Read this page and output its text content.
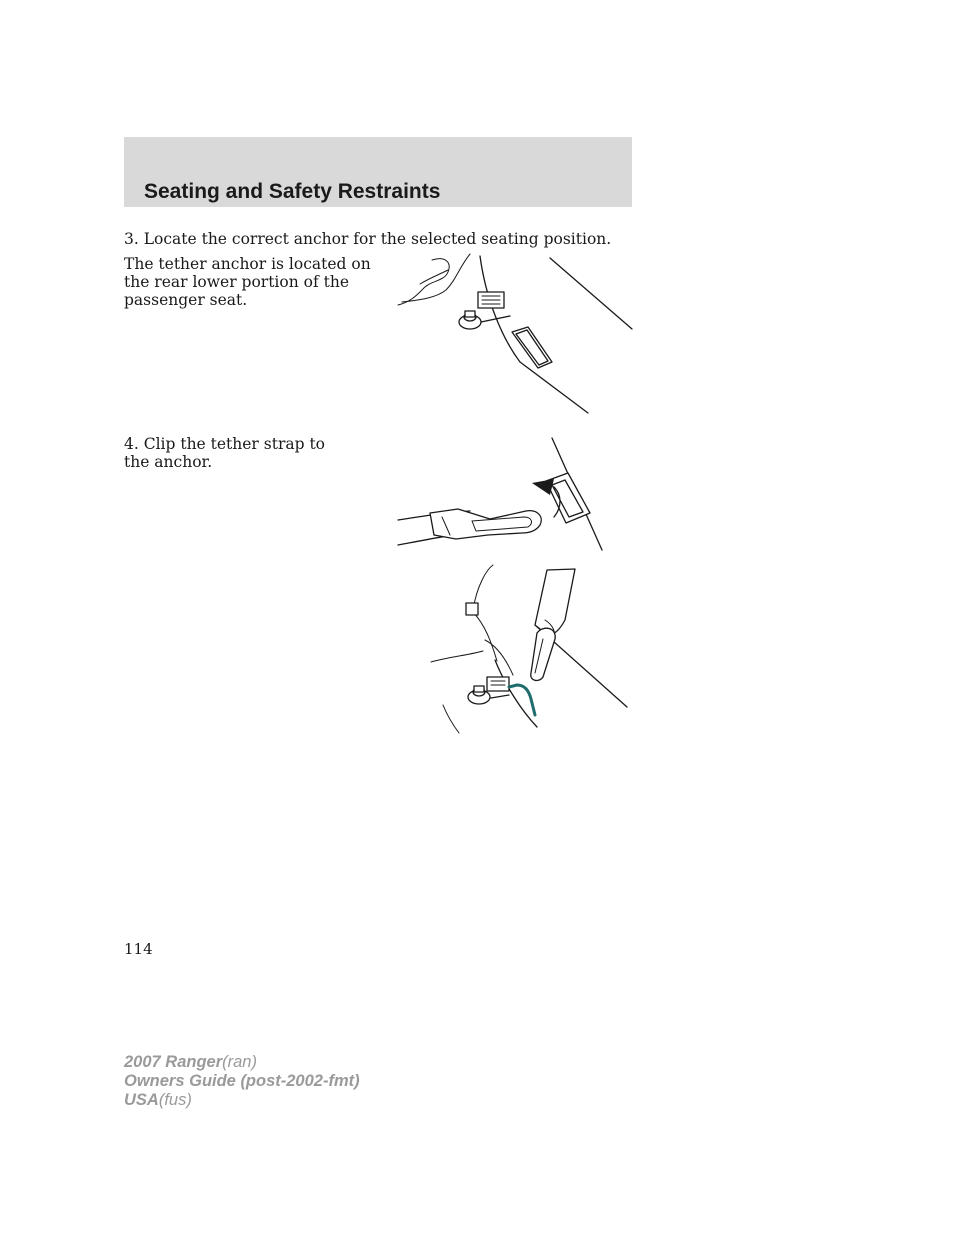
Seating and Safety Restraints

3. Locate the correct anchor for the selected seating position.

The tether anchor is located on the rear lower portion of the passenger seat.

4. Clip the tether strap to the anchor.

114
2007 Ranger(ran)
Owners Guide (post-2002-fmt)
USA(fus)
